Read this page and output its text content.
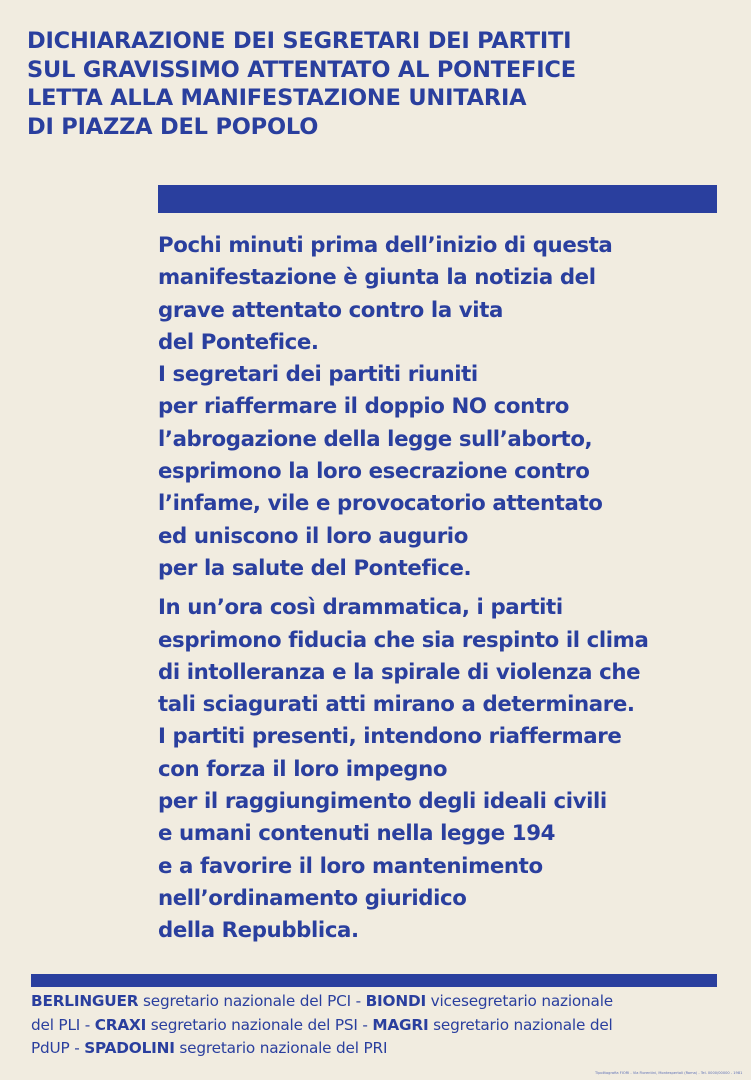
DICHIARAZIONE DEI SEGRETARI DEI PARTITI
SUL GRAVISSIMO ATTENTATO AL PONTEFICE
LETTA ALLA MANIFESTAZIONE UNITARIA
DI PIAZZA DEL POPOLO

Pochi minuti prima dell’inizio di questa
manifestazione è giunta la notizia del
grave attentato contro la vita
del Pontefice.
I segretari dei partiti riuniti
per riaffermare il doppio NO contro
l’abrogazione della legge sull’aborto,
esprimono la loro esecrazione contro
l’infame, vile e provocatorio attentato
ed uniscono il loro augurio
per la salute del Pontefice.

In un’ora così drammatica, i partiti
esprimono fiducia che sia respinto il clima
di intolleranza e la spirale di violenza che
tali sciagurati atti mirano a determinare.
I partiti presenti, intendono riaffermare
con forza il loro impegno
per il raggiungimento degli ideali civili
e umani contenuti nella legge 194
e a favorire il loro mantenimento
nell’ordinamento giuridico
della Repubblica.

BERLINGUER segretario nazionale del PCI - BIONDI vicesegretario nazionale
del PLI - CRAXI segretario nazionale del PSI - MAGRI segretario nazionale del
PdUP - SPADOLINI segretario nazionale del PRI
Tipolitografia FIORI - Via Fiorentini, Montespertoli (Roma) - Tel. 0000/00000 - 1981
